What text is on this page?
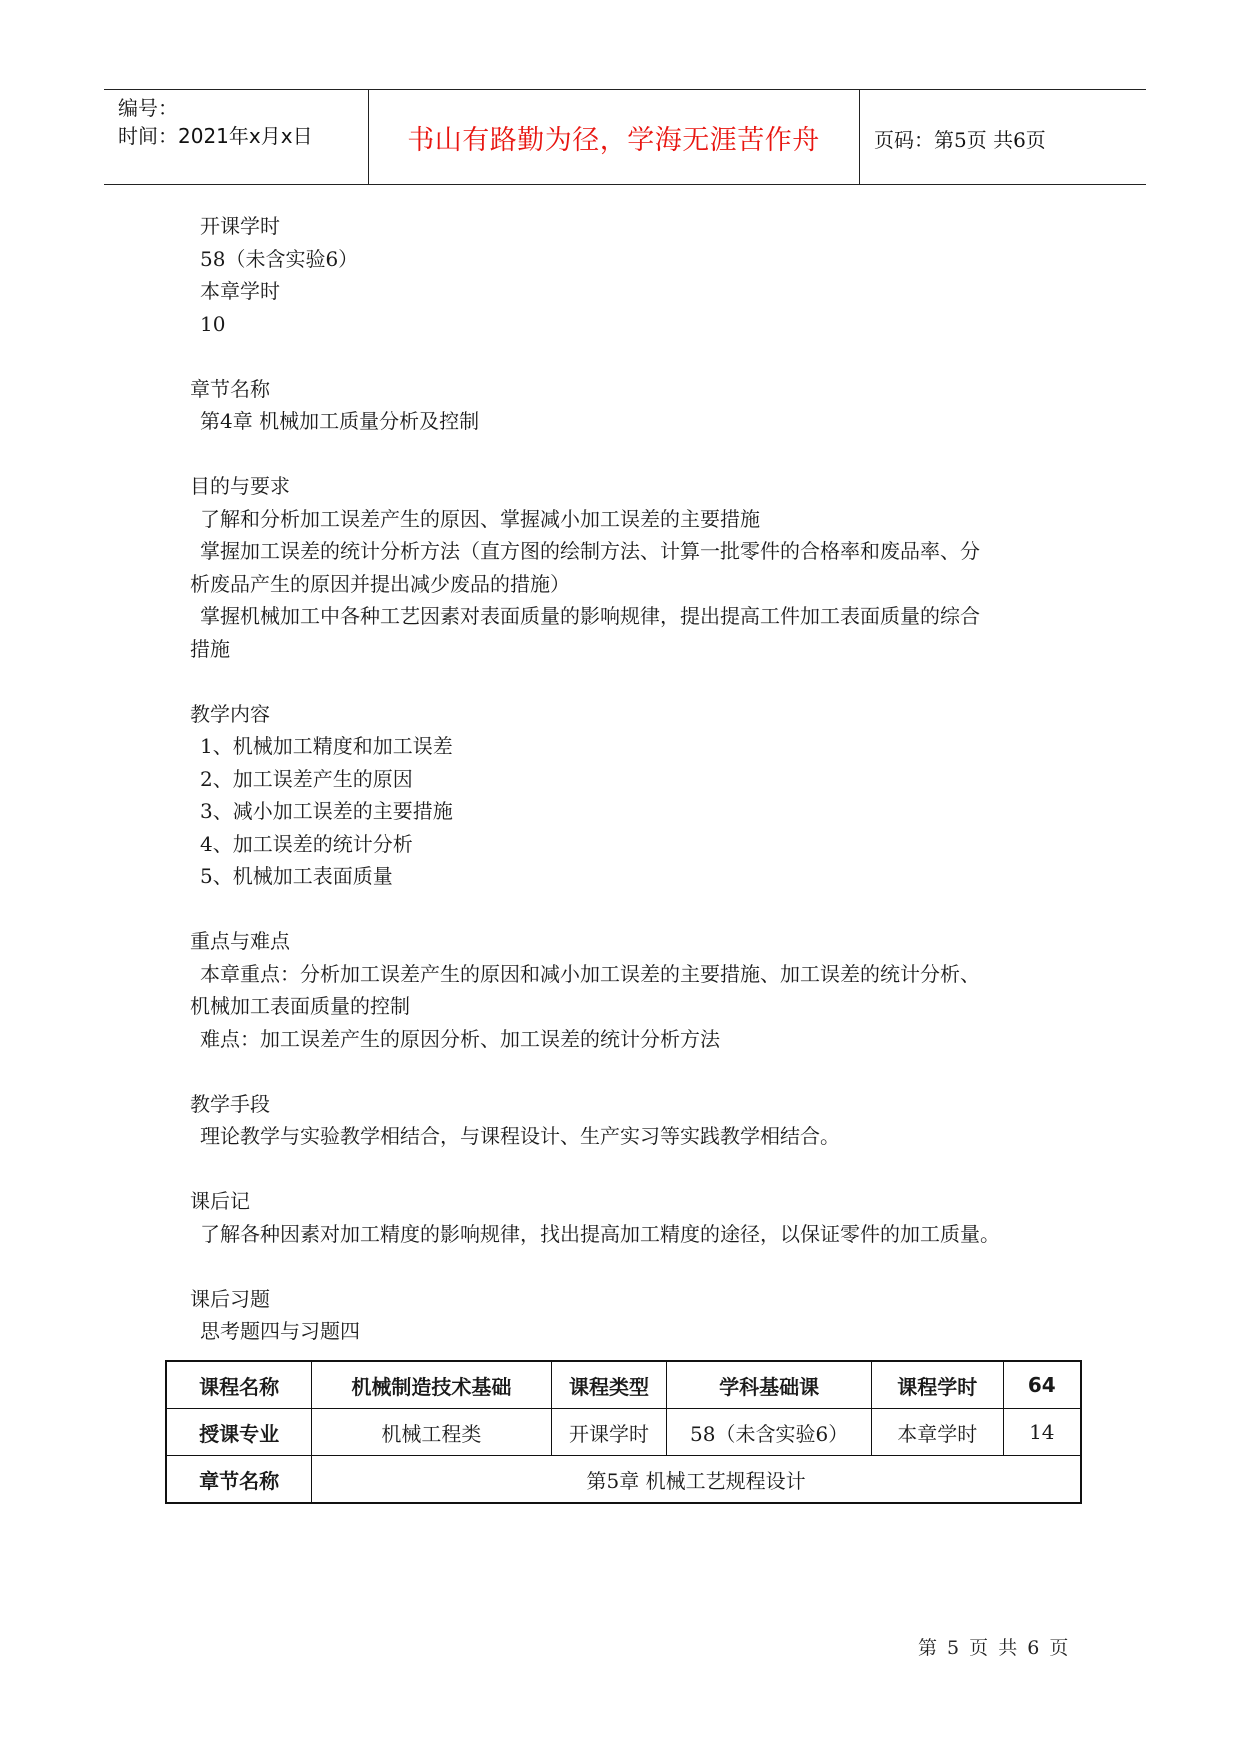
编号：
时间：2021年x月x日	书山有路勤为径，学海无涯苦作舟	页码：第5页 共6页
开课学时
58（未含实验6）
本章学时
10
章节名称
第4章 机械加工质量分析及控制
目的与要求
了解和分析加工误差产生的原因、掌握减小加工误差的主要措施
掌握加工误差的统计分析方法（直方图的绘制方法、计算一批零件的合格率和废品率、分
析废品产生的原因并提出减少废品的措施）
掌握机械加工中各种工艺因素对表面质量的影响规律，提出提高工件加工表面质量的综合
措施
教学内容
1、机械加工精度和加工误差
2、加工误差产生的原因
3、减小加工误差的主要措施
4、加工误差的统计分析
5、机械加工表面质量
重点与难点
本章重点：分析加工误差产生的原因和减小加工误差的主要措施、加工误差的统计分析、
机械加工表面质量的控制
难点：加工误差产生的原因分析、加工误差的统计分析方法
教学手段
理论教学与实验教学相结合，与课程设计、生产实习等实践教学相结合。
课后记
了解各种因素对加工精度的影响规律，找出提高加工精度的途径，以保证零件的加工质量。
课后习题
思考题四与习题四
课程名称	机械制造技术基础	课程类型	学科基础课	课程学时	64
授课专业	机械工程类	开课学时	58（未含实验6）	本章学时	14
章节名称	第5章 机械工艺规程设计				
第 5 页 共 6 页
